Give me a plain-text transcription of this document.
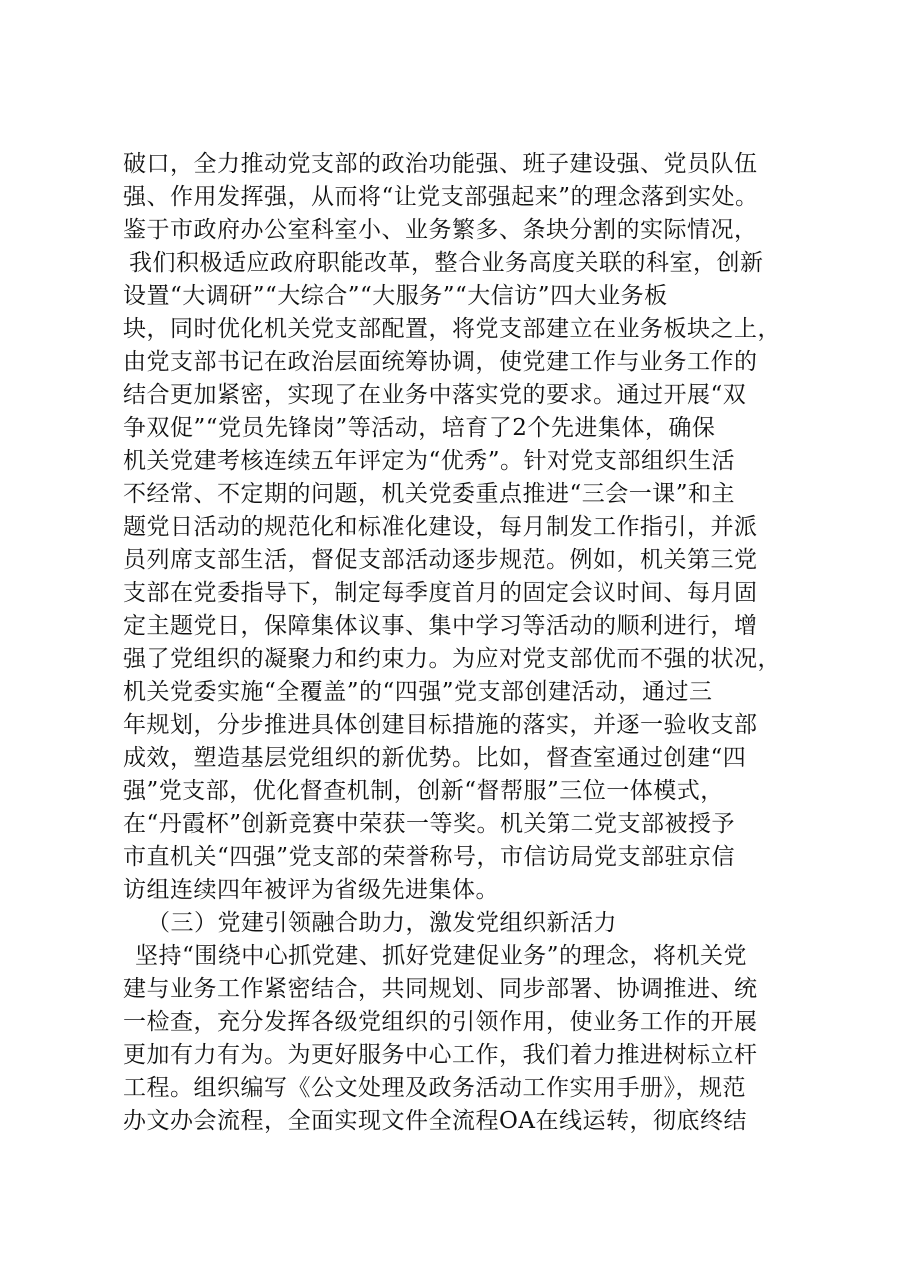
破口，全力推动党支部的政治功能强、班子建设强、党员队伍
强、作用发挥强，从而将“让党支部强起来”的理念落到实处。
鉴于市政府办公室科室小、业务繁多、条块分割的实际情况，
我们积极适应政府职能改革，整合业务高度关联的科室，创新
设置“大调研”“大综合”“大服务”“大信访”四大业务板
块，同时优化机关党支部配置，将党支部建立在业务板块之上，
由党支部书记在政治层面统筹协调，使党建工作与业务工作的
结合更加紧密，实现了在业务中落实党的要求。通过开展“双
争双促”“党员先锋岗”等活动，培育了2个先进集体，确保
机关党建考核连续五年评定为“优秀”。针对党支部组织生活
不经常、不定期的问题，机关党委重点推进“三会一课”和主
题党日活动的规范化和标准化建设，每月制发工作指引，并派
员列席支部生活，督促支部活动逐步规范。例如，机关第三党
支部在党委指导下，制定每季度首月的固定会议时间、每月固
定主题党日，保障集体议事、集中学习等活动的顺利进行，增
强了党组织的凝聚力和约束力。为应对党支部优而不强的状况，
机关党委实施“全覆盖”的“四强”党支部创建活动，通过三
年规划，分步推进具体创建目标措施的落实，并逐一验收支部
成效，塑造基层党组织的新优势。比如，督查室通过创建“四
强”党支部，优化督查机制，创新“督帮服”三位一体模式，
在“丹霞杯”创新竞赛中荣获一等奖。机关第二党支部被授予
市直机关“四强”党支部的荣誉称号，市信访局党支部驻京信
访组连续四年被评为省级先进集体。
（三）党建引领融合助力，激发党组织新活力
坚持“围绕中心抓党建、抓好党建促业务”的理念，将机关党
建与业务工作紧密结合，共同规划、同步部署、协调推进、统
一检查，充分发挥各级党组织的引领作用，使业务工作的开展
更加有力有为。为更好服务中心工作，我们着力推进树标立杆
工程。组织编写《公文处理及政务活动工作实用手册》，规范
办文办会流程，全面实现文件全流程OA在线运转，彻底终结
